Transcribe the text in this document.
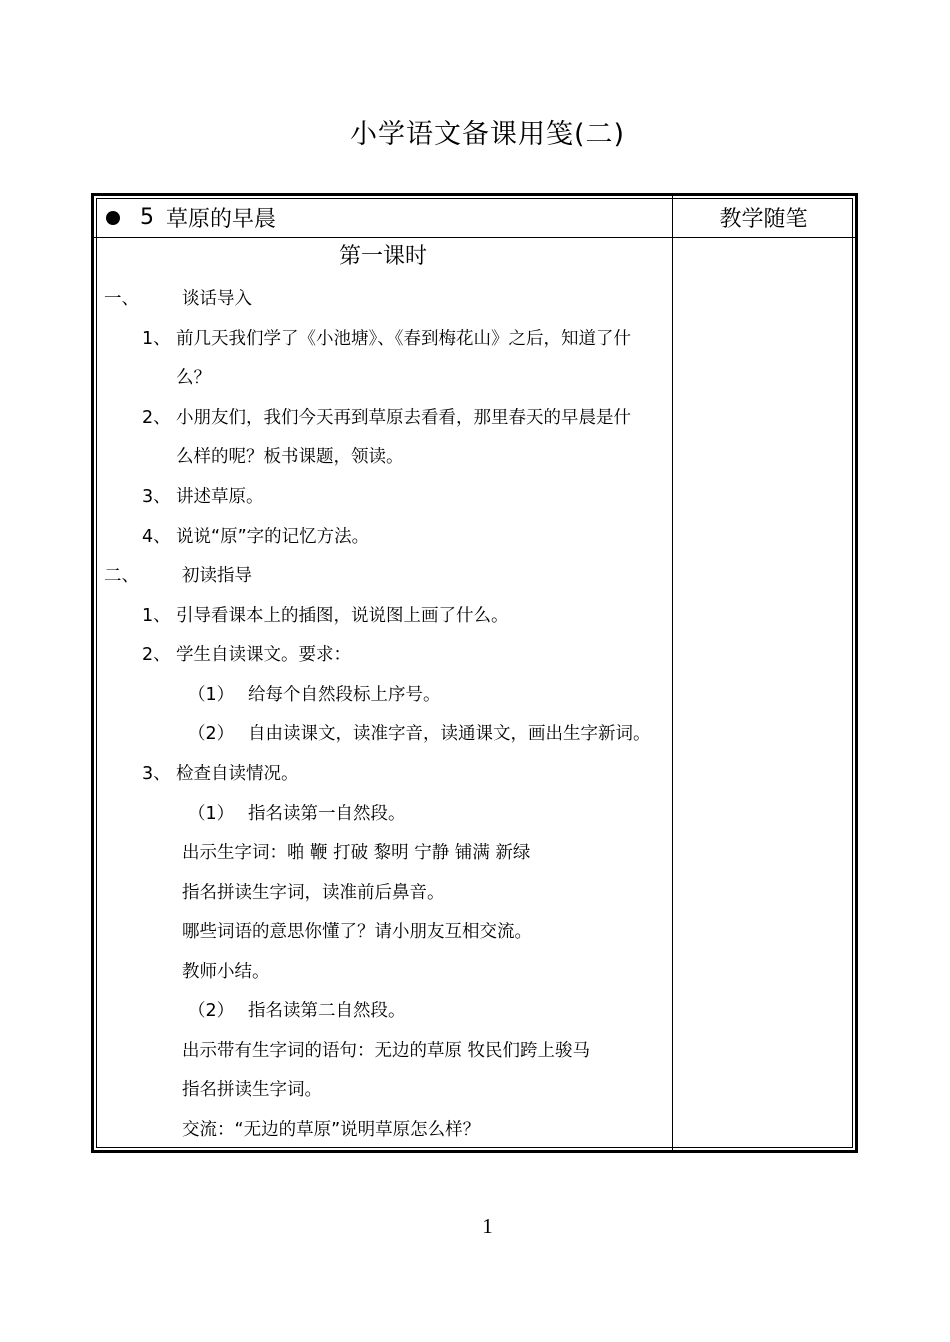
小学语文备课用笺(二)
5 草原的早晨	教学随笔
第一课时
一、 谈话导入
1、 前几天我们学了《小池塘》、《春到梅花山》之后，知道了什
么？
2、 小朋友们，我们今天再到草原去看看，那里春天的早晨是什
么样的呢？板书课题，领读。
3、 讲述草原。
4、 说说“原”字的记忆方法。
二、 初读指导
1、 引导看课本上的插图，说说图上画了什么。
2、 学生自读课文。要求：
（1） 给每个自然段标上序号。
（2） 自由读课文，读准字音，读通课文，画出生字新词。
3、 检查自读情况。
（1） 指名读第一自然段。
出示生字词：啪 鞭 打破 黎明 宁静 铺满 新绿
指名拼读生字词，读准前后鼻音。
哪些词语的意思你懂了？请小朋友互相交流。
教师小结。
（2） 指名读第二自然段。
出示带有生字词的语句：无边的草原 牧民们跨上骏马
指名拼读生字词。
交流：“无边的草原”说明草原怎么样？
1
